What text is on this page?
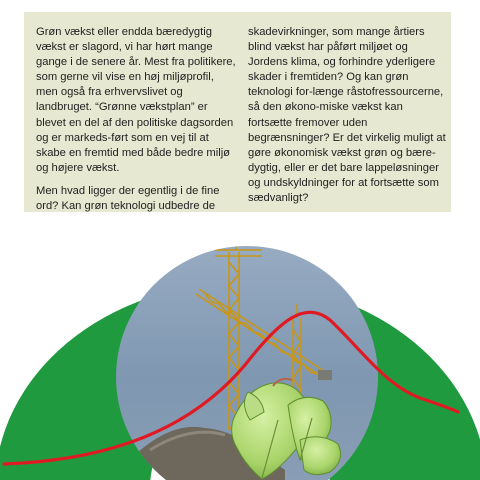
Grøn vækst eller endda bæredygtig vækst er slagord, vi har hørt mange gange i de senere år. Mest fra politikere, som gerne vil vise en høj miljøprofil, men også fra erhvervslivet og landbruget. “Grønne vækstplan” er blevet en del af den politiske dagsorden og er markeds-ført som en vej til at skabe en fremtid med både bedre miljø og højere vækst.

Men hvad ligger der egentlig i de fine ord? Kan grøn teknologi udbedre de

skadevirkninger, som mange årtiers blind vækst har påført miljøet og Jordens klima, og forhindre yderligere skader i fremtiden? Og kan grøn teknologi for-længe råstofressourcerne, så den økono-miske vækst kan fortsætte fremover uden begrænsninger? Er det virkelig muligt at gøre økonomisk vækst grøn og bære-dygtig, eller er det bare lappeløsninger og undskyldninger for at fortsætte som sædvanligt?
